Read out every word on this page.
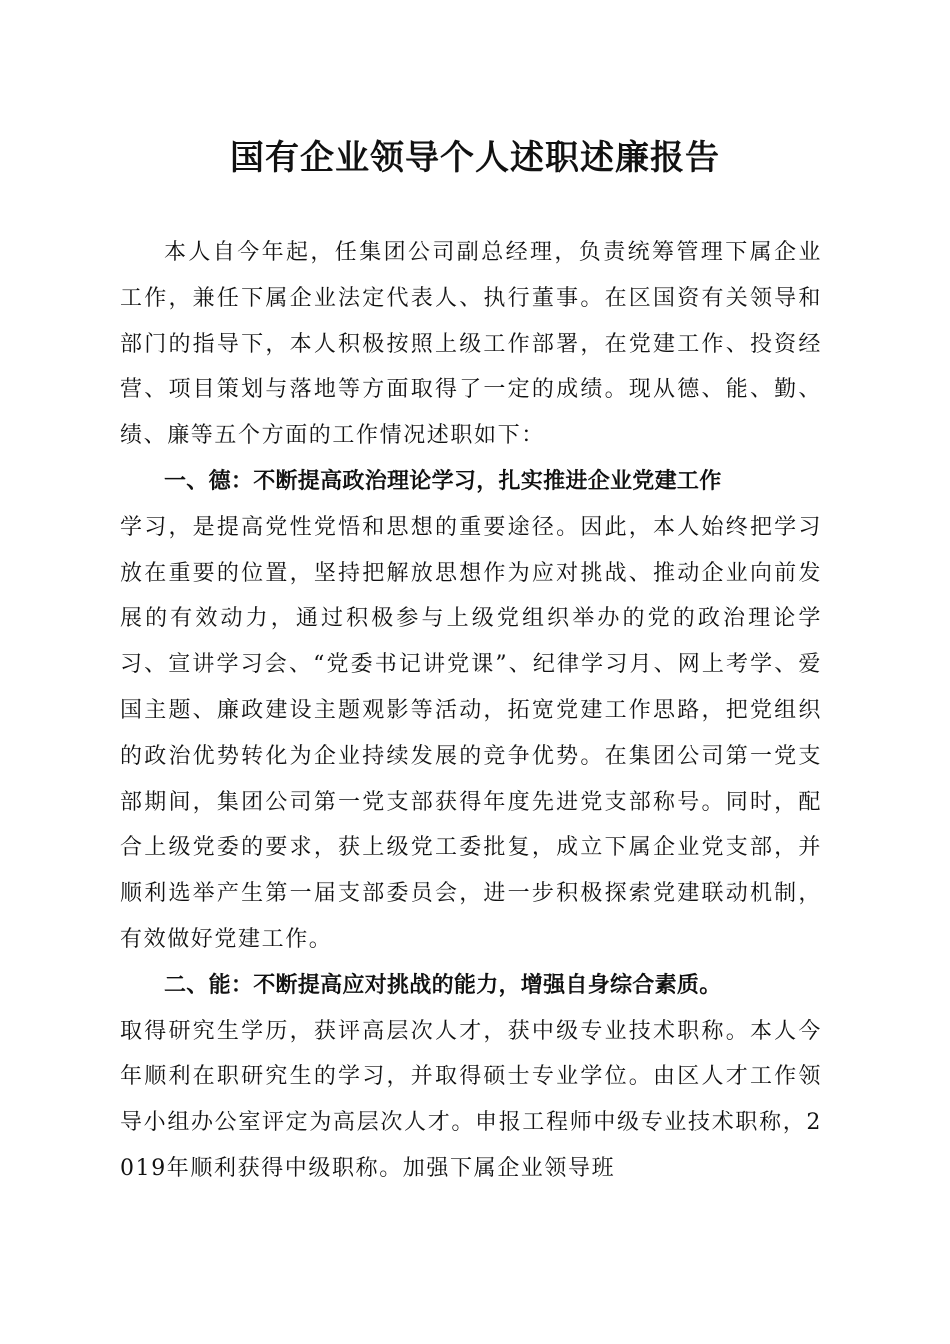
国有企业领导个人述职述廉报告

本人自今年起，任集团公司副总经理，负责统筹管理下属企业工作，兼任下属企业法定代表人、执行董事。在区国资有关领导和部门的指导下，本人积极按照上级工作部署，在党建工作、投资经营、项目策划与落地等方面取得了一定的成绩。现从德、能、勤、绩、廉等五个方面的工作情况述职如下：

一、德：不断提高政治理论学习，扎实推进企业党建工作

学习，是提高党性党悟和思想的重要途径。因此，本人始终把学习放在重要的位置，坚持把解放思想作为应对挑战、推动企业向前发展的有效动力，通过积极参与上级党组织举办的党的政治理论学习、宣讲学习会、“党委书记讲党课”、纪律学习月、网上考学、爱国主题、廉政建设主题观影等活动，拓宽党建工作思路，把党组织的政治优势转化为企业持续发展的竞争优势。在集团公司第一党支部期间，集团公司第一党支部获得年度先进党支部称号。同时，配合上级党委的要求，获上级党工委批复，成立下属企业党支部，并顺利选举产生第一届支部委员会，进一步积极探索党建联动机制，有效做好党建工作。

二、能：不断提高应对挑战的能力，增强自身综合素质。

取得研究生学历，获评高层次人才，获中级专业技术职称。本人今年顺利在职研究生的学习，并取得硕士专业学位。由区人才工作领导小组办公室评定为高层次人才。申报工程师中级专业技术职称，2019年顺利获得中级职称。加强下属企业领导班
